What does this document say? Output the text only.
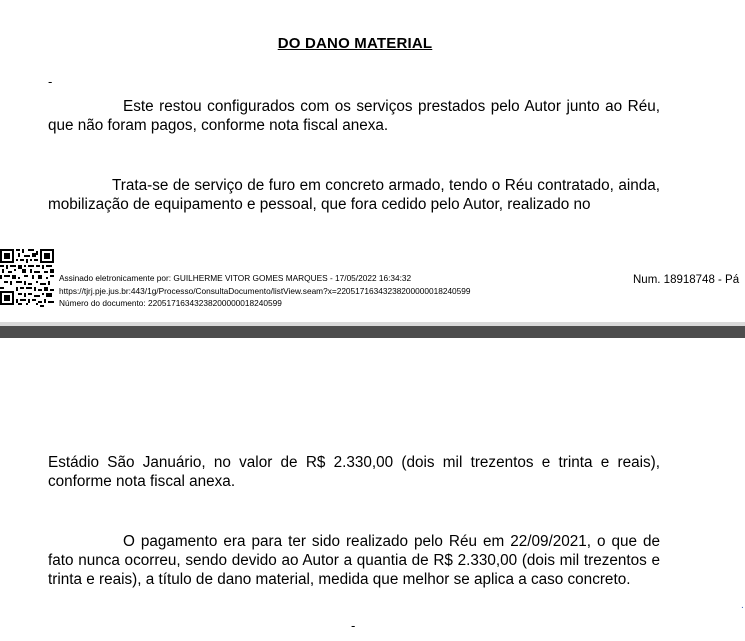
DO DANO MATERIAL
-
Este restou configurados com os serviços prestados pelo Autor junto ao Réu, que não foram pagos, conforme nota fiscal anexa.
Trata-se de serviço de furo em concreto armado, tendo o Réu contratado, ainda, mobilização de equipamento e pessoal, que fora cedido pelo Autor, realizado no
Assinado eletronicamente por: GUILHERME VITOR GOMES MARQUES - 17/05/2022 16:34:32
https://tjrj.pje.jus.br:443/1g/Processo/ConsultaDocumento/listView.seam?x=22051716343238200000018240599
Número do documento: 22051716343238200000018240599
Num. 18918748 - Pá
Estádio São Januário, no valor de R$ 2.330,00 (dois mil trezentos e trinta e reais), conforme nota fiscal anexa.
O pagamento era para ter sido realizado pelo Réu em 22/09/2021, o que de fato nunca ocorreu, sendo devido ao Autor a quantia de R$ 2.330,00 (dois mil trezentos e trinta e reais), a título de dano material, medida que melhor se aplica a caso concreto.
-
.
